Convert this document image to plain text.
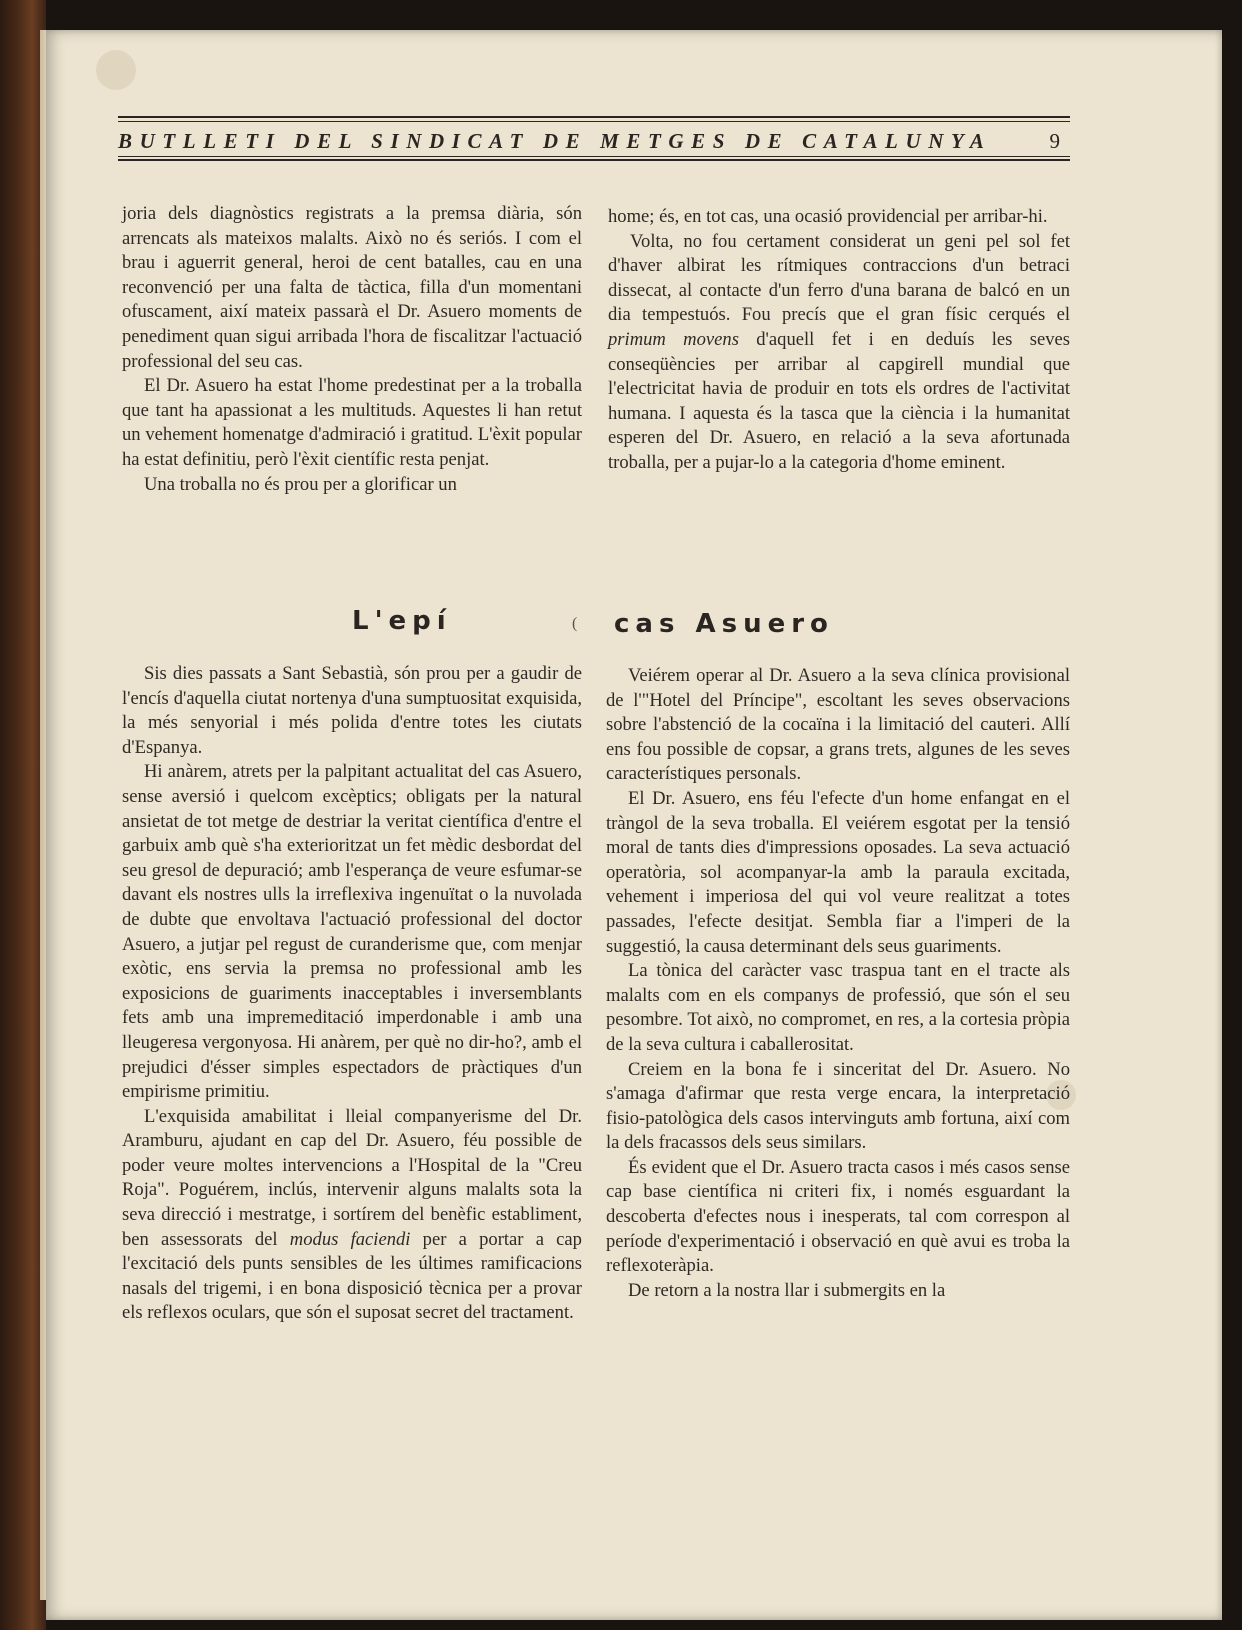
BUTLLETI DEL SINDICAT DE METGES DE CATALUNYA	9

joria dels diagnòstics registrats a la premsa diària, són arrencats als mateixos malalts. Això no és seriós. I com el brau i aguerrit general, heroi de cent batalles, cau en una reconvenció per una falta de tàctica, filla d'un momentani ofuscament, així mateix passarà el Dr. Asuero moments de penediment quan sigui arribada l'hora de fiscalitzar l'actuació professional del seu cas.

El Dr. Asuero ha estat l'home predestinat per a la troballa que tant ha apassionat a les multituds. Aquestes li han retut un vehement homenatge d'admiració i gratitud. L'èxit popular ha estat definitiu, però l'èxit científic resta penjat.

Una troballa no és prou per a glorificar un

home; és, en tot cas, una ocasió providencial per arribar-hi.

Volta, no fou certament considerat un geni pel sol fet d'haver albirat les rítmiques contraccions d'un betraci dissecat, al contacte d'un ferro d'una barana de balcó en un dia tempestuós. Fou precís que el gran físic cerqués el primum movens d'aquell fet i en deduís les seves conseqüències per arribar al capgirell mundial que l'electricitat havia de produir en tots els ordres de l'activitat humana. I aquesta és la tasca que la ciència i la humanitat esperen del Dr. Asuero, en relació a la seva afortunada troballa, per a pujar-lo a la categoria d'home eminent.

L'epí	( cas Asuero

Sis dies passats a Sant Sebastià, són prou per a gaudir de l'encís d'aquella ciutat nortenya d'una sumptuositat exquisida, la més senyorial i més polida d'entre totes les ciutats d'Espanya.

Hi anàrem, atrets per la palpitant actualitat del cas Asuero, sense aversió i quelcom excèptics; obligats per la natural ansietat de tot metge de destriar la veritat científica d'entre el garbuix amb què s'ha exterioritzat un fet mèdic desbordat del seu gresol de depuració; amb l'esperança de veure esfumar-se davant els nostres ulls la irreflexiva ingenuïtat o la nuvolada de dubte que envoltava l'actuació professional del doctor Asuero, a jutjar pel regust de curanderisme que, com menjar exòtic, ens servia la premsa no professional amb les exposicions de guariments inacceptables i inversemblants fets amb una impremeditació imperdonable i amb una lleugeresa vergonyosa. Hi anàrem, per què no dir-ho?, amb el prejudici d'ésser simples espectadors de pràctiques d'un empirisme primitiu.

L'exquisida amabilitat i lleial companyerisme del Dr. Aramburu, ajudant en cap del Dr. Asuero, féu possible de poder veure moltes intervencions a l'Hospital de la "Creu Roja". Poguérem, inclús, intervenir alguns malalts sota la seva direcció i mestratge, i sortírem del benèfic establiment, ben assessorats del modus faciendi per a portar a cap l'excitació dels punts sensibles de les últimes ramificacions nasals del trigemi, i en bona disposició tècnica per a provar els reflexos oculars, que són el suposat secret del tractament.

Veiérem operar al Dr. Asuero a la seva clínica provisional de l'"Hotel del Príncipe", escoltant les seves observacions sobre l'abstenció de la cocaïna i la limitació del cauteri. Allí ens fou possible de copsar, a grans trets, algunes de les seves característiques personals.

El Dr. Asuero, ens féu l'efecte d'un home enfangat en el tràngol de la seva troballa. El veiérem esgotat per la tensió moral de tants dies d'impressions oposades. La seva actuació operatòria, sol acompanyar-la amb la paraula excitada, vehement i imperiosa del qui vol veure realitzat a totes passades, l'efecte desitjat. Sembla fiar a l'imperi de la suggestió, la causa determinant dels seus guariments.

La tònica del caràcter vasc traspua tant en el tracte als malalts com en els companys de professió, que són el seu pesombre. Tot això, no compromet, en res, a la cortesia pròpia de la seva cultura i caballerositat.

Creiem en la bona fe i sinceritat del Dr. Asuero. No s'amaga d'afirmar que resta verge encara, la interpretació fisio-patològica dels casos intervinguts amb fortuna, així com la dels fracassos dels seus similars.

És evident que el Dr. Asuero tracta casos i més casos sense cap base científica ni criteri fix, i només esguardant la descoberta d'efectes nous i inesperats, tal com correspon al període d'experimentació i observació en què avui es troba la reflexoteràpia.

De retorn a la nostra llar i submergits en la
